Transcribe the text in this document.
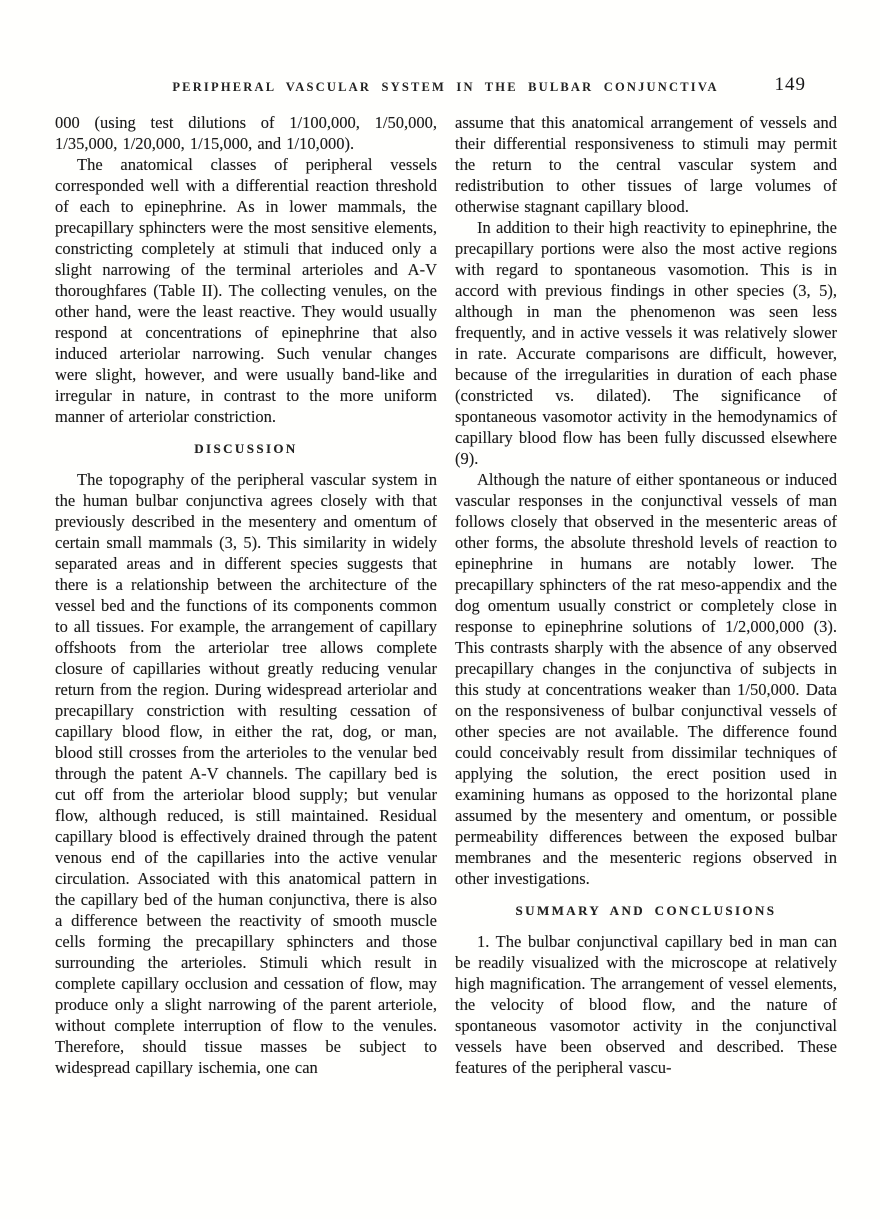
PERIPHERAL VASCULAR SYSTEM IN THE BULBAR CONJUNCTIVA	149

000 (using test dilutions of 1/100,000, 1/50,000, 1/35,000, 1/20,000, 1/15,000, and 1/10,000).

The anatomical classes of peripheral vessels corresponded well with a differential reaction threshold of each to epinephrine. As in lower mammals, the precapillary sphincters were the most sensitive elements, constricting completely at stimuli that induced only a slight narrowing of the terminal arterioles and A-V thoroughfares (Table II). The collecting venules, on the other hand, were the least reactive. They would usually respond at concentrations of epinephrine that also induced arteriolar narrowing. Such venular changes were slight, however, and were usually band-like and irregular in nature, in contrast to the more uniform manner of arteriolar constriction.

DISCUSSION

The topography of the peripheral vascular system in the human bulbar conjunctiva agrees closely with that previously described in the mesentery and omentum of certain small mammals (3, 5). This similarity in widely separated areas and in different species suggests that there is a relationship between the architecture of the vessel bed and the functions of its components common to all tissues. For example, the arrangement of capillary offshoots from the arteriolar tree allows complete closure of capillaries without greatly reducing venular return from the region. During widespread arteriolar and precapillary constriction with resulting cessation of capillary blood flow, in either the rat, dog, or man, blood still crosses from the arterioles to the venular bed through the patent A-V channels. The capillary bed is cut off from the arteriolar blood supply; but venular flow, although reduced, is still maintained. Residual capillary blood is effectively drained through the patent venous end of the capillaries into the active venular circulation. Associated with this anatomical pattern in the capillary bed of the human conjunctiva, there is also a difference between the reactivity of smooth muscle cells forming the precapillary sphincters and those surrounding the arterioles. Stimuli which result in complete capillary occlusion and cessation of flow, may produce only a slight narrowing of the parent arteriole, without complete interruption of flow to the venules. Therefore, should tissue masses be subject to widespread capillary ischemia, one can

assume that this anatomical arrangement of vessels and their differential responsiveness to stimuli may permit the return to the central vascular system and redistribution to other tissues of large volumes of otherwise stagnant capillary blood.

In addition to their high reactivity to epinephrine, the precapillary portions were also the most active regions with regard to spontaneous vasomotion. This is in accord with previous findings in other species (3, 5), although in man the phenomenon was seen less frequently, and in active vessels it was relatively slower in rate. Accurate comparisons are difficult, however, because of the irregularities in duration of each phase (constricted vs. dilated). The significance of spontaneous vasomotor activity in the hemodynamics of capillary blood flow has been fully discussed elsewhere (9).

Although the nature of either spontaneous or induced vascular responses in the conjunctival vessels of man follows closely that observed in the mesenteric areas of other forms, the absolute threshold levels of reaction to epinephrine in humans are notably lower. The precapillary sphincters of the rat meso-appendix and the dog omentum usually constrict or completely close in response to epinephrine solutions of 1/2,000,000 (3). This contrasts sharply with the absence of any observed precapillary changes in the conjunctiva of subjects in this study at concentrations weaker than 1/50,000. Data on the responsiveness of bulbar conjunctival vessels of other species are not available. The difference found could conceivably result from dissimilar techniques of applying the solution, the erect position used in examining humans as opposed to the horizontal plane assumed by the mesentery and omentum, or possible permeability differences between the exposed bulbar membranes and the mesenteric regions observed in other investigations.

SUMMARY AND CONCLUSIONS

1. The bulbar conjunctival capillary bed in man can be readily visualized with the microscope at relatively high magnification. The arrangement of vessel elements, the velocity of blood flow, and the nature of spontaneous vasomotor activity in the conjunctival vessels have been observed and described. These features of the peripheral vascu-
